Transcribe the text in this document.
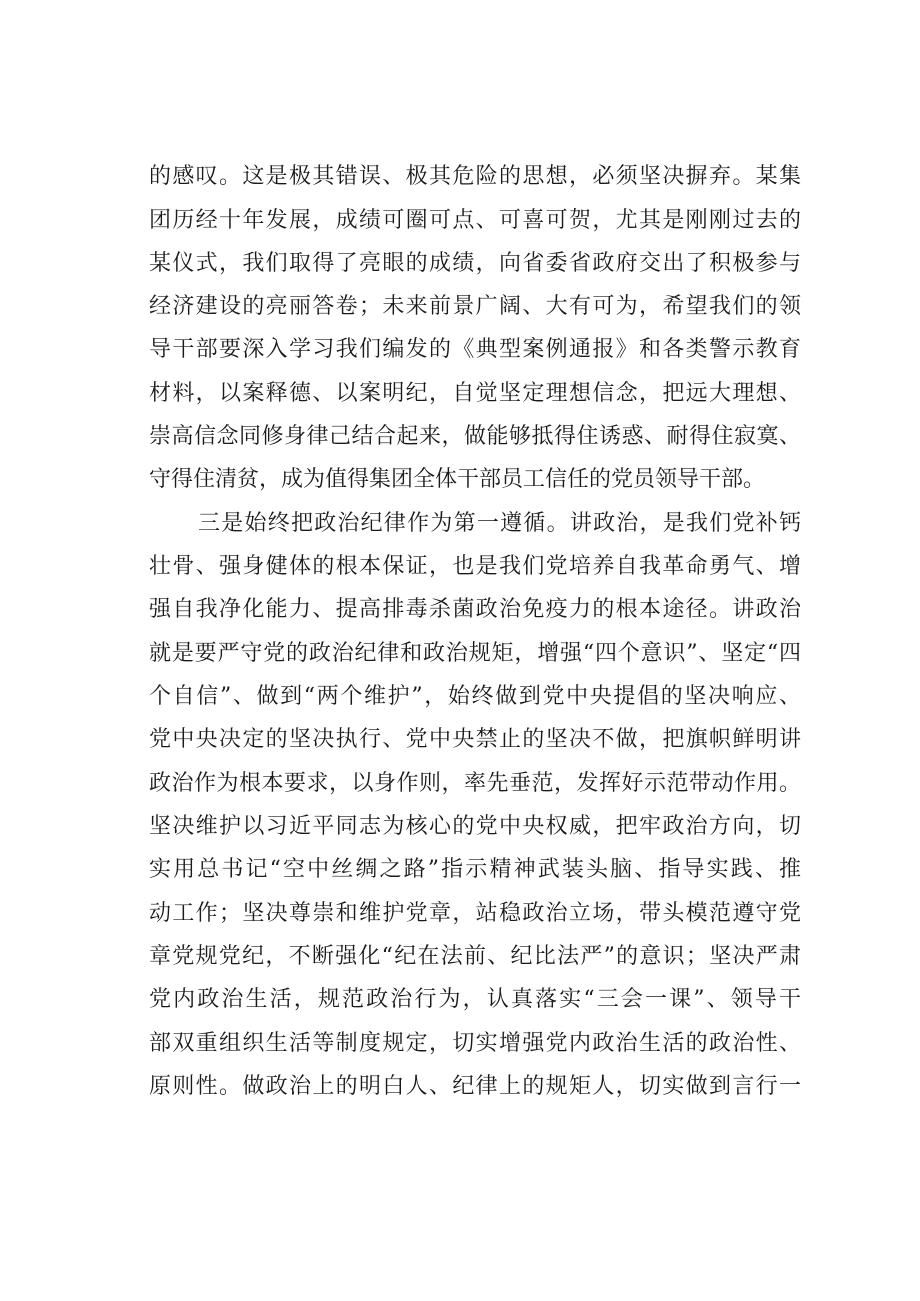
的感叹。这是极其错误、极其危险的思想，必须坚决摒弃。某集
团历经十年发展，成绩可圈可点、可喜可贺，尤其是刚刚过去的
某仪式，我们取得了亮眼的成绩，向省委省政府交出了积极参与
经济建设的亮丽答卷；未来前景广阔、大有可为，希望我们的领
导干部要深入学习我们编发的《典型案例通报》和各类警示教育
材料，以案释德、以案明纪，自觉坚定理想信念，把远大理想、
崇高信念同修身律己结合起来，做能够抵得住诱惑、耐得住寂寞、
守得住清贫，成为值得集团全体干部员工信任的党员领导干部。
三是始终把政治纪律作为第一遵循。讲政治，是我们党补钙
壮骨、强身健体的根本保证，也是我们党培养自我革命勇气、增
强自我净化能力、提高排毒杀菌政治免疫力的根本途径。讲政治
就是要严守党的政治纪律和政治规矩，增强“四个意识”、坚定“四
个自信”、做到“两个维护”，始终做到党中央提倡的坚决响应、
党中央决定的坚决执行、党中央禁止的坚决不做，把旗帜鲜明讲
政治作为根本要求，以身作则，率先垂范，发挥好示范带动作用。
坚决维护以习近平同志为核心的党中央权威，把牢政治方向，切
实用总书记“空中丝绸之路”指示精神武装头脑、指导实践、推
动工作；坚决尊崇和维护党章，站稳政治立场，带头模范遵守党
章党规党纪，不断强化“纪在法前、纪比法严”的意识；坚决严肃
党内政治生活，规范政治行为，认真落实“三会一课”、领导干
部双重组织生活等制度规定，切实增强党内政治生活的政治性、
原则性。做政治上的明白人、纪律上的规矩人，切实做到言行一
